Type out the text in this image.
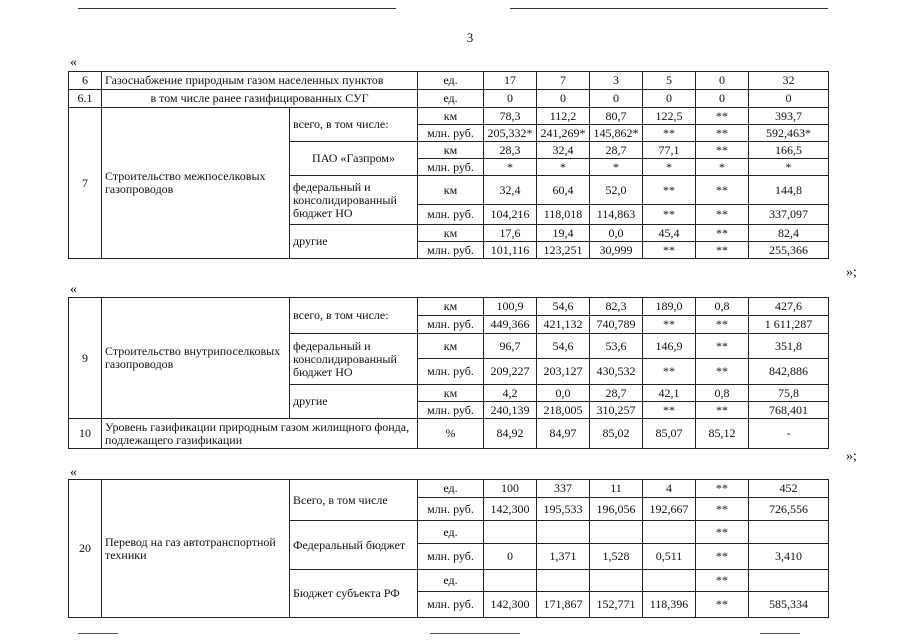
3
«
»;
«
»;
«
6	Газоснабжение природным газом населенных пунктов		ед.	17	7	3	5	0	32
6.1	в том числе ранее газифицированных СУГ		ед.	0	0	0	0	0	0
7	Строительство межпоселковых газопроводов	всего, в том числе:	км	78,3	112,2	80,7	122,5	**	393,7
			млн. руб.	205,332*	241,269*	145,862*	**	**	592,463*
		ПАО «Газпром»	км	28,3	32,4	28,7	77,1	**	166,5
			млн. руб.	*	*	*	*	*	*
		федеральный и консолидированный бюджет НО	км	32,4	60,4	52,0	**	**	144,8
			млн. руб.	104,216	118,018	114,863	**	**	337,097
		другие	км	17,6	19,4	0,0	45,4	**	82,4
			млн. руб.	101,116	123,251	30,999	**	**	255,366
9	Строительство внутрипоселковых газопроводов	всего, в том числе:	км	100,9	54,6	82,3	189,0	0,8	427,6
			млн. руб.	449,366	421,132	740,789	**	**	1 611,287
		федеральный и консолидированный бюджет НО	км	96,7	54,6	53,6	146,9	**	351,8
			млн. руб.	209,227	203,127	430,532	**	**	842,886
		другие	км	4,2	0,0	28,7	42,1	0,8	75,8
			млн. руб.	240,139	218,005	310,257	**	**	768,401
10	Уровень газификации природным газом жилищного фонда, подлежащего газификации		%	84,92	84,97	85,02	85,07	85,12	-
20	Перевод на газ автотранспортной техники	Всего, в том числе	ед.	100	337	11	4	**	452
			млн. руб.	142,300	195,533	196,056	192,667	**	726,556
		Федеральный бюджет	ед.					**	
			млн. руб.	0	1,371	1,528	0,511	**	3,410
		Бюджет субъекта РФ	ед.					**	
			млн. руб.	142,300	171,867	152,771	118,396	**	585,334
